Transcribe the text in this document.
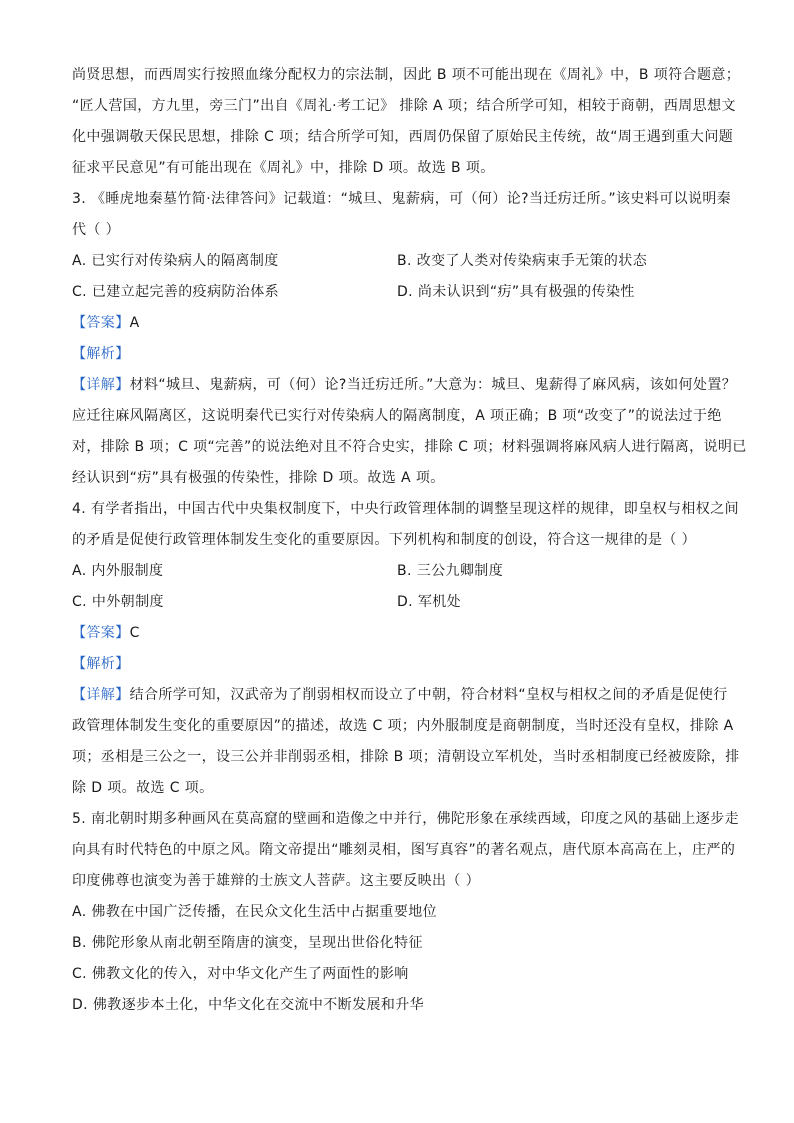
尚贤思想，而西周实行按照血缘分配权力的宗法制，因此 B 项不可能出现在《周礼》中，B 项符合题意；
“匠人营国，方九里，旁三门”出自《周礼·考工记》 排除 A 项；结合所学可知，相较于商朝，西周思想文
化中强调敬天保民思想，排除 C 项；结合所学可知，西周仍保留了原始民主传统，故“周王遇到重大问题
征求平民意见”有可能出现在《周礼》中，排除 D 项。故选 B 项。
3. 《睡虎地秦墓竹简·法律答问》记载道：“城旦、鬼薪病，可（何）论?当迁疠迁所。”该史料可以说明秦
代（ ）
A. 已实行对传染病人的隔离制度	B. 改变了人类对传染病束手无策的状态
C. 已建立起完善的疫病防治体系	D. 尚未认识到“疠”具有极强的传染性
【答案】A
【解析】
【详解】材料“城旦、鬼薪病，可（何）论?当迁疠迁所。”大意为：城旦、鬼薪得了麻风病，该如何处置？
应迁往麻风隔离区，这说明秦代已实行对传染病人的隔离制度，A 项正确；B 项“改变了”的说法过于绝
对，排除 B 项；C 项“完善”的说法绝对且不符合史实，排除 C 项；材料强调将麻风病人进行隔离，说明已
经认识到“疠”具有极强的传染性，排除 D 项。故选 A 项。
4. 有学者指出，中国古代中央集权制度下，中央行政管理体制的调整呈现这样的规律，即皇权与相权之间
的矛盾是促使行政管理体制发生变化的重要原因。下列机构和制度的创设，符合这一规律的是（ ）
A. 内外服制度	B. 三公九卿制度
C. 中外朝制度	D. 军机处
【答案】C
【解析】
【详解】结合所学可知，汉武帝为了削弱相权而设立了中朝，符合材料“皇权与相权之间的矛盾是促使行
政管理体制发生变化的重要原因”的描述，故选 C 项；内外服制度是商朝制度，当时还没有皇权，排除 A
项；丞相是三公之一，设三公并非削弱丞相，排除 B 项；清朝设立军机处，当时丞相制度已经被废除，排
除 D 项。故选 C 项。
5. 南北朝时期多种画风在莫高窟的壁画和造像之中并行，佛陀形象在承续西域，印度之风的基础上逐步走
向具有时代特色的中原之风。隋文帝提出“雕刻灵相，图写真容”的著名观点，唐代原本高高在上，庄严的
印度佛尊也演变为善于雄辩的士族文人菩萨。这主要反映出（ ）
A. 佛教在中国广泛传播，在民众文化生活中占据重要地位
B. 佛陀形象从南北朝至隋唐的演变，呈现出世俗化特征
C. 佛教文化的传入，对中华文化产生了两面性的影响
D. 佛教逐步本土化，中华文化在交流中不断发展和升华
